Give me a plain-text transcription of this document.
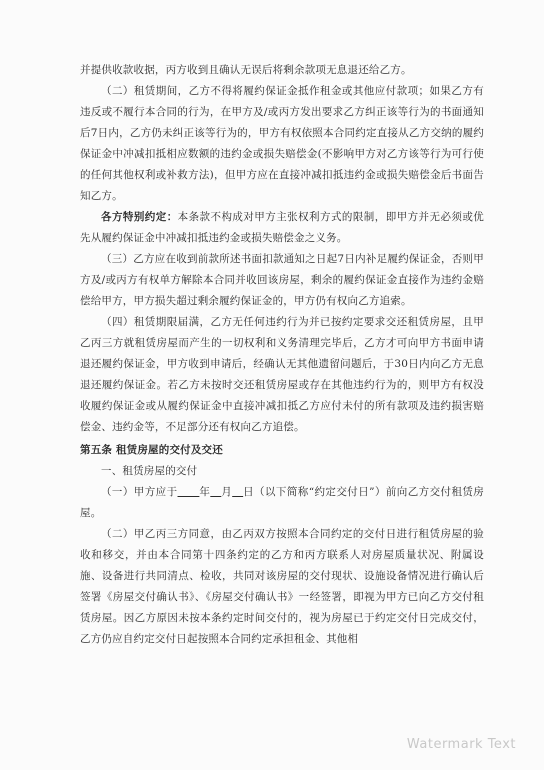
并提供收款收据，丙方收到且确认无误后将剩余款项无息退还给乙方。

（二）租赁期间，乙方不得将履约保证金抵作租金或其他应付款项；如果乙方有违反或不履行本合同的行为，在甲方及/或丙方发出要求乙方纠正该等行为的书面通知后7日内，乙方仍未纠正该等行为的，甲方有权依照本合同约定直接从乙方交纳的履约保证金中冲减扣抵相应数额的违约金或损失赔偿金(不影响甲方对乙方该等行为可行使的任何其他权利或补救方法)，但甲方应在直接冲减扣抵违约金或损失赔偿金后书面告知乙方。

各方特别约定：本条款不构成对甲方主张权利方式的限制，即甲方并无必须或优先从履约保证金中冲减扣抵违约金或损失赔偿金之义务。

（三）乙方应在收到前款所述书面扣款通知之日起7日内补足履约保证金，否则甲方及/或丙方有权单方解除本合同并收回该房屋，剩余的履约保证金直接作为违约金赔偿给甲方，甲方损失超过剩余履约保证金的，甲方仍有权向乙方追索。

（四）租赁期限届满，乙方无任何违约行为并已按约定要求交还租赁房屋，且甲乙丙三方就租赁房屋而产生的一切权利和义务清理完毕后，乙方才可向甲方书面申请退还履约保证金，甲方收到申请后，经确认无其他遗留问题后，于30日内向乙方无息退还履约保证金。若乙方未按时交还租赁房屋或存在其他违约行为的，则甲方有权没收履约保证金或从履约保证金中直接冲减扣抵乙方应付未付的所有款项及违约损害赔偿金、违约金等，不足部分还有权向乙方追偿。

第五条 租赁房屋的交付及交还

一、租赁房屋的交付

（一）甲方应于　　 年　 月　 日（以下简称“约定交付日”）前向乙方交付租赁房屋。

（二）甲乙丙三方同意，由乙丙双方按照本合同约定的交付日进行租赁房屋的验收和移交，并由本合同第十四条约定的乙方和丙方联系人对房屋质量状况、附属设施、设备进行共同清点、检收，共同对该房屋的交付现状、设施设备情况进行确认后签署《房屋交付确认书》、《房屋交付确认书》一经签署，即视为甲方已向乙方交付租赁房屋。因乙方原因未按本条约定时间交付的，视为房屋已于约定交付日完成交付，乙方仍应自约定交付日起按照本合同约定承担租金、其他相

Watermark Text
